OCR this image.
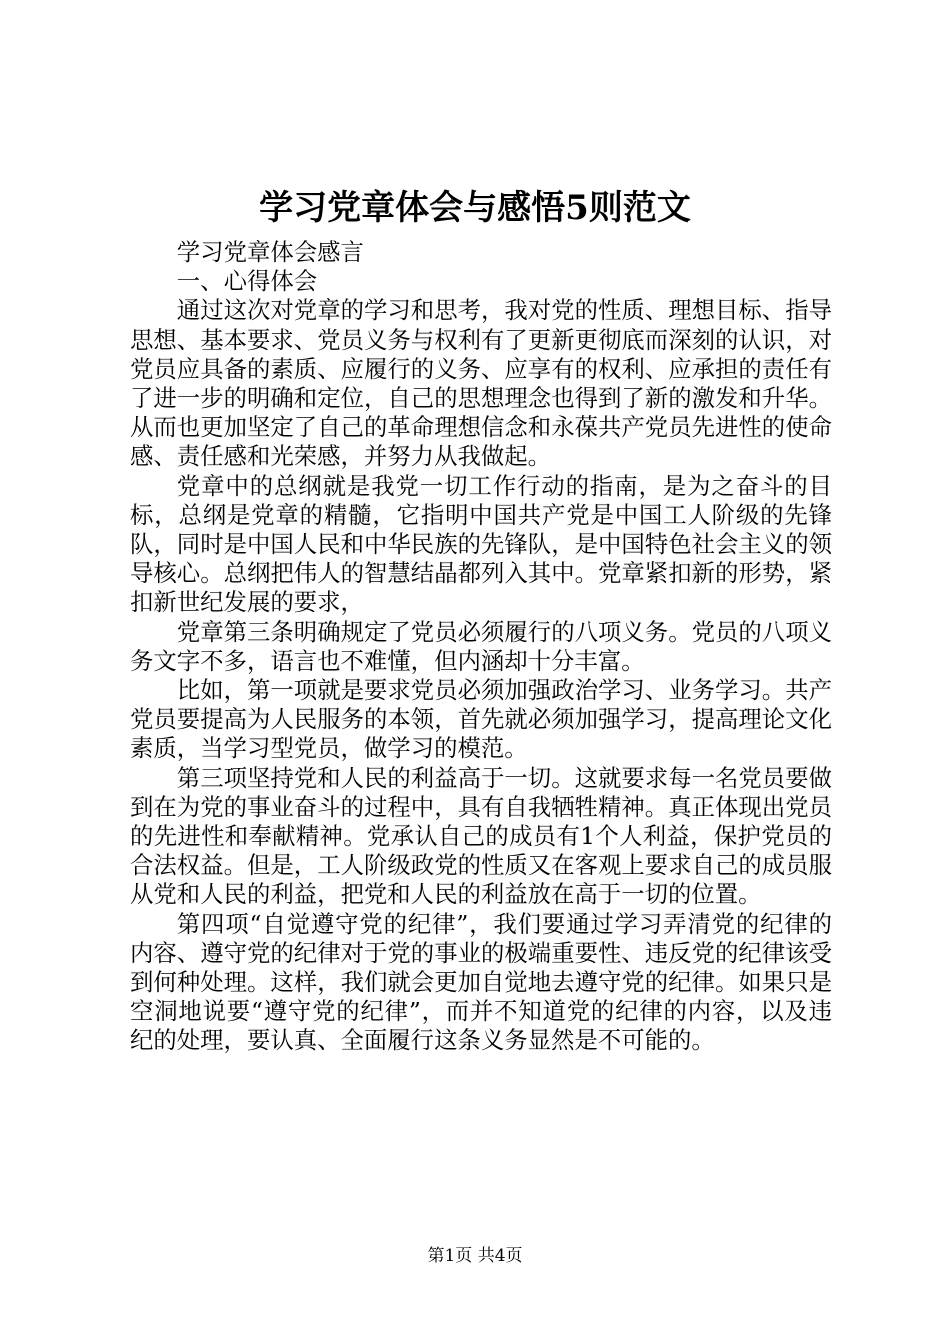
学习党章体会与感悟5则范文

学习党章体会感言

一、心得体会

通过这次对党章的学习和思考，我对党的性质、理想目标、指导思想、基本要求、党员义务与权利有了更新更彻底而深刻的认识，对党员应具备的素质、应履行的义务、应享有的权利、应承担的责任有了进一步的明确和定位，自己的思想理念也得到了新的激发和升华。从而也更加坚定了自己的革命理想信念和永葆共产党员先进性的使命感、责任感和光荣感，并努力从我做起。

党章中的总纲就是我党一切工作行动的指南，是为之奋斗的目标，总纲是党章的精髓，它指明中国共产党是中国工人阶级的先锋队，同时是中国人民和中华民族的先锋队，是中国特色社会主义的领导核心。总纲把伟人的智慧结晶都列入其中。党章紧扣新的形势，紧扣新世纪发展的要求，

党章第三条明确规定了党员必须履行的八项义务。党员的八项义务文字不多，语言也不难懂，但内涵却十分丰富。

比如，第一项就是要求党员必须加强政治学习、业务学习。共产党员要提高为人民服务的本领，首先就必须加强学习，提高理论文化素质，当学习型党员，做学习的模范。

第三项坚持党和人民的利益高于一切。这就要求每一名党员要做到在为党的事业奋斗的过程中，具有自我牺牲精神。真正体现出党员的先进性和奉献精神。党承认自己的成员有1个人利益，保护党员的合法权益。但是，工人阶级政党的性质又在客观上要求自己的成员服从党和人民的利益，把党和人民的利益放在高于一切的位置。

第四项“自觉遵守党的纪律”，我们要通过学习弄清党的纪律的内容、遵守党的纪律对于党的事业的极端重要性、违反党的纪律该受到何种处理。这样，我们就会更加自觉地去遵守党的纪律。如果只是空洞地说要“遵守党的纪律”，而并不知道党的纪律的内容，以及违纪的处理，要认真、全面履行这条义务显然是不可能的。

第1页 共4页
